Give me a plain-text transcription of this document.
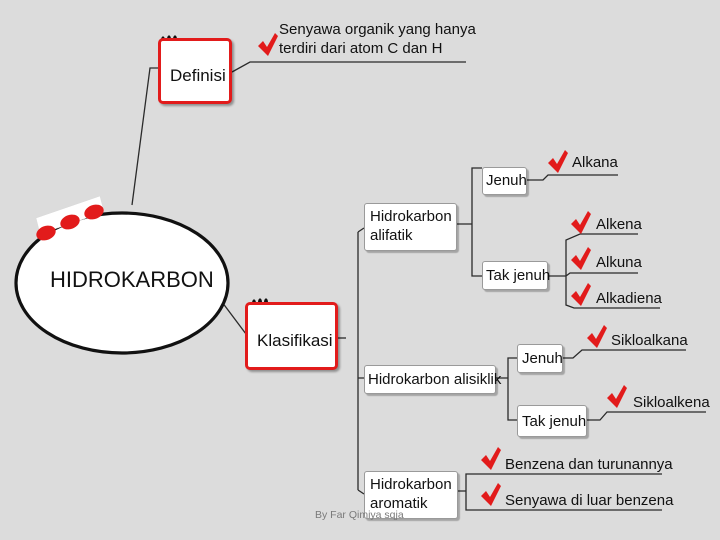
HIDROKARBON
Definisi
Senyawa organik yang hanya
terdiri dari atom C dan H
Klasifikasi
Hidrokarbon
alifatik
Jenuh
Alkana
Tak jenuh
Alkena
Alkuna
Alkadiena
Hidrokarbon alisiklik
Jenuh
Sikloalkana
Tak jenuh
Sikloalkena
Hidrokarbon
aromatik
Benzena dan turunannya
Senyawa di luar benzena
By Far Qimiya sqja
